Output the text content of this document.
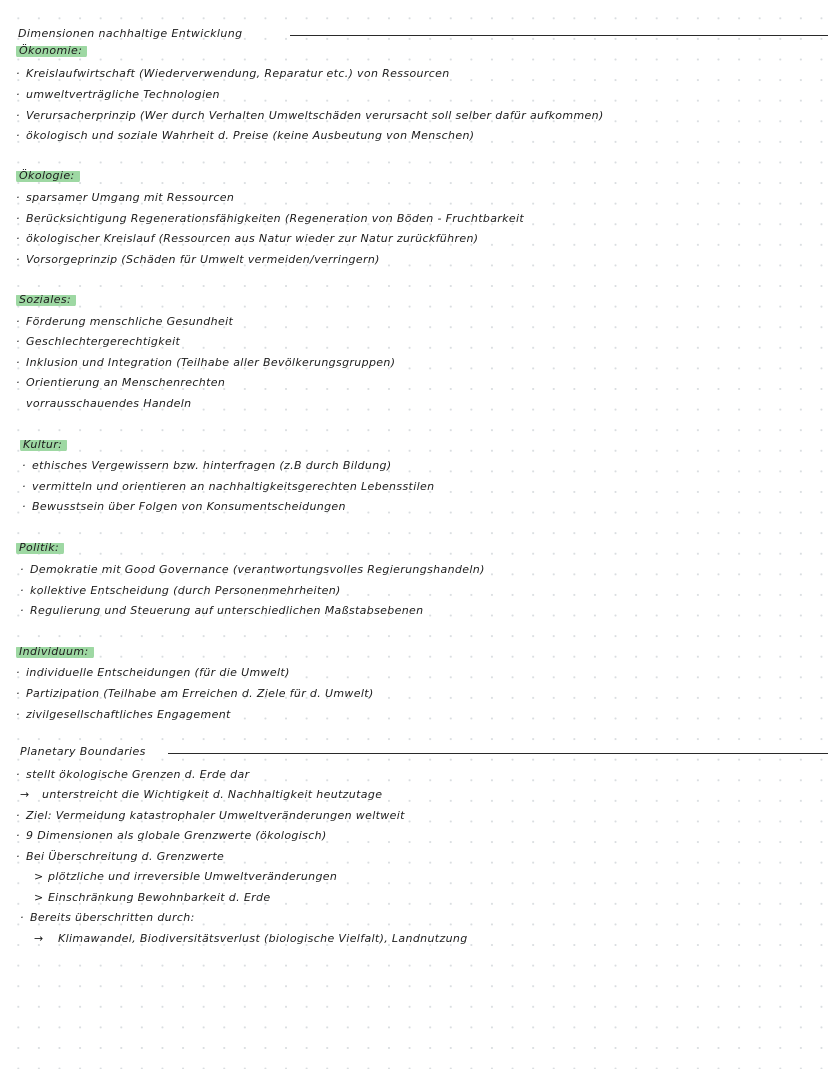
Dimensionen nachhaltige Entwicklung
Ökonomie:
· Kreislaufwirtschaft (Wiederverwendung, Reparatur etc.) von Ressourcen
· umweltverträgliche Technologien
· Verursacherprinzip (Wer durch Verhalten Umweltschäden verursacht soll selber dafür aufkommen)
· ökologisch und soziale Wahrheit d. Preise (keine Ausbeutung von Menschen)
Ökologie:
· sparsamer Umgang mit Ressourcen
· Berücksichtigung Regenerationsfähigkeiten (Regeneration von Böden - Fruchtbarkeit
· ökologischer Kreislauf (Ressourcen aus Natur wieder zur Natur zurückführen)
· Vorsorgeprinzip (Schäden für Umwelt vermeiden/verringern)
Soziales:
· Förderung menschliche Gesundheit
· Geschlechtergerechtigkeit
· Inklusion und Integration (Teilhabe aller Bevölkerungsgruppen)
· Orientierung an Menschenrechten
vorrausschauendes Handeln
Kultur:
· ethisches Vergewissern bzw. hinterfragen (z.B durch Bildung)
· vermitteln und orientieren an nachhaltigkeitsgerechten Lebensstilen
· Bewusstsein über Folgen von Konsumentscheidungen
Politik:
· Demokratie mit Good Governance (verantwortungsvolles Regierungshandeln)
· kollektive Entscheidung (durch Personenmehrheiten)
· Regulierung und Steuerung auf unterschiedlichen Maßstabsebenen
Individuum:
· individuelle Entscheidungen (für die Umwelt)
· Partizipation (Teilhabe am Erreichen d. Ziele für d. Umwelt)
· zivilgesellschaftliches Engagement
Planetary Boundaries
· stellt ökologische Grenzen d. Erde dar
→ unterstreicht die Wichtigkeit d. Nachhaltigkeit heutzutage
· Ziel: Vermeidung katastrophaler Umweltveränderungen weltweit
· 9 Dimensionen als globale Grenzwerte (ökologisch)
· Bei Überschreitung d. Grenzwerte
> plötzliche und irreversible Umweltveränderungen
> Einschränkung Bewohnbarkeit d. Erde
· Bereits überschritten durch:
→ Klimawandel, Biodiversitätsverlust (biologische Vielfalt), Landnutzung
